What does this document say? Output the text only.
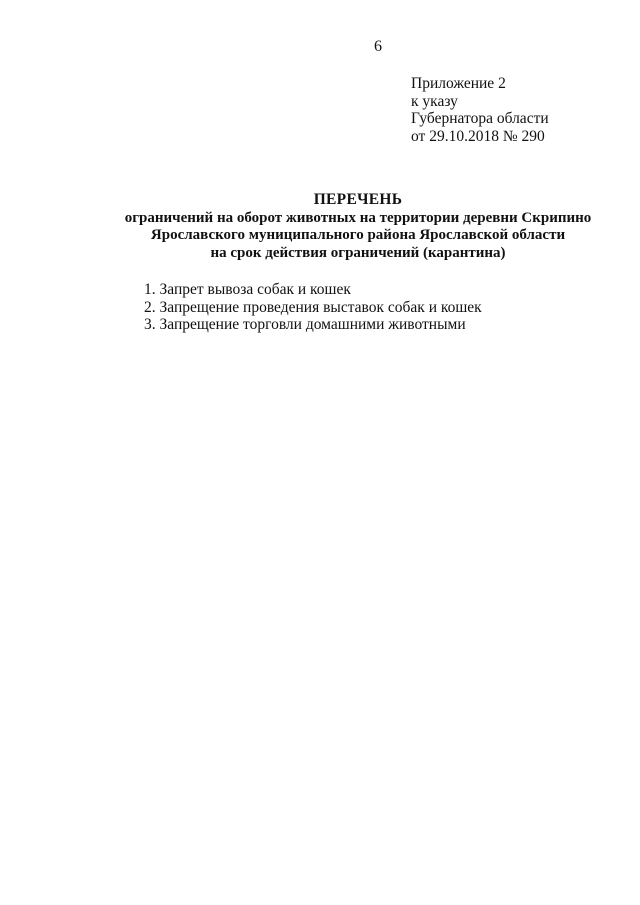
6
Приложение 2
к указу
Губернатора области
от 29.10.2018 № 290
ПЕРЕЧЕНЬ
ограничений на оборот животных на территории деревни Скрипино
Ярославского муниципального района Ярославской области
на срок действия ограничений (карантина)
1. Запрет вывоза собак и кошек
2. Запрещение проведения выставок собак и кошек
3. Запрещение торговли домашними животными
